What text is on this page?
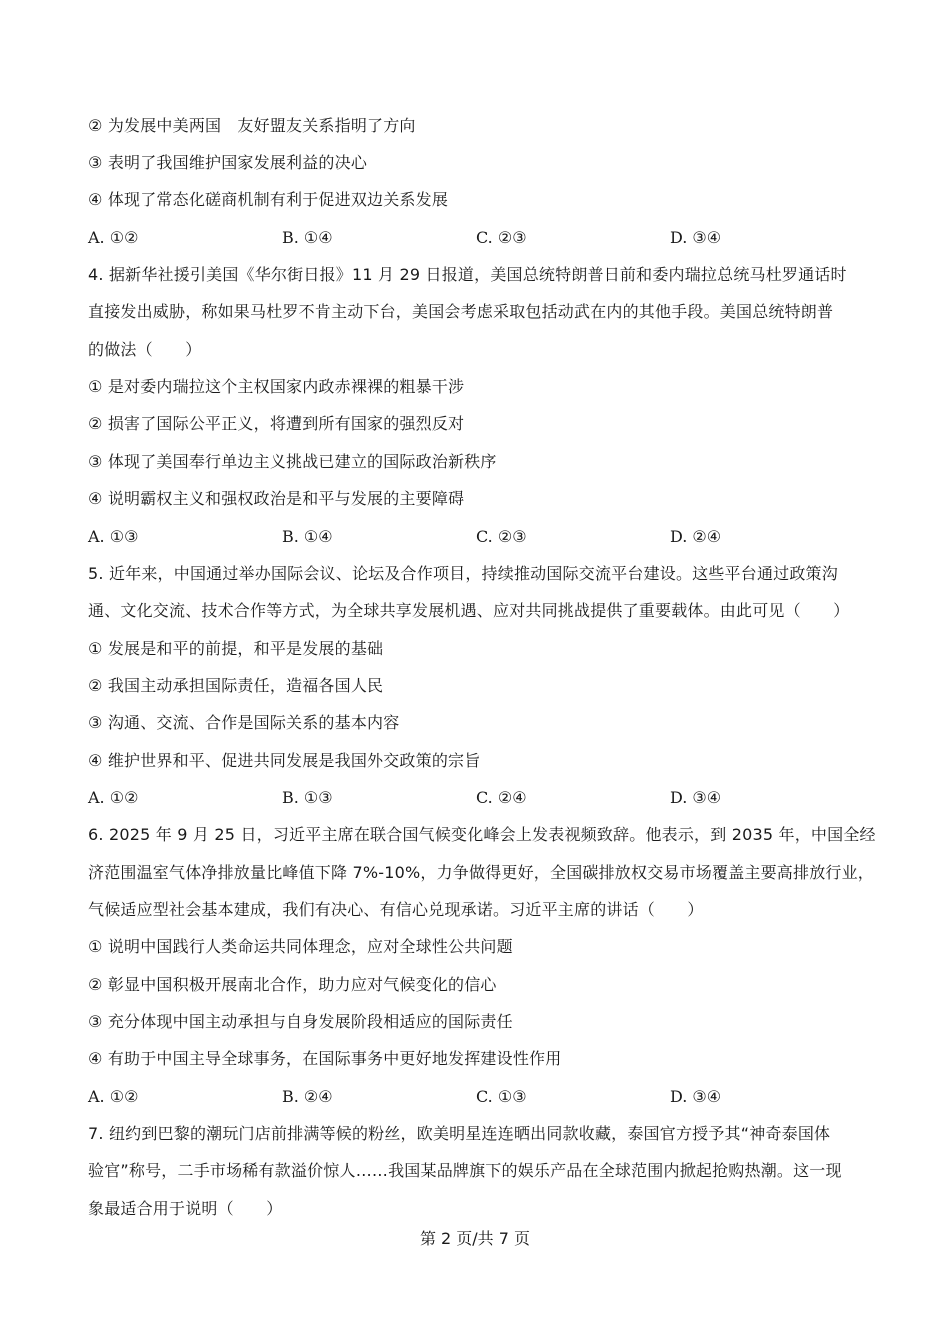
② 为发展中美两国　友好盟友关系指明了方向
③ 表明了我国维护国家发展利益的决心
④ 体现了常态化磋商机制有利于促进双边关系发展
A. ①②	B. ①④	C. ②③	D. ③④
4. 据新华社援引美国《华尔街日报》11 月 29 日报道，美国总统特朗普日前和委内瑞拉总统马杜罗通话时
直接发出威胁，称如果马杜罗不肯主动下台，美国会考虑采取包括动武在内的其他手段。美国总统特朗普
的做法（　　）
① 是对委内瑞拉这个主权国家内政赤裸裸的粗暴干涉
② 损害了国际公平正义，将遭到所有国家的强烈反对
③ 体现了美国奉行单边主义挑战已建立的国际政治新秩序
④ 说明霸权主义和强权政治是和平与发展的主要障碍
A. ①③	B. ①④	C. ②③	D. ②④
5. 近年来，中国通过举办国际会议、论坛及合作项目，持续推动国际交流平台建设。这些平台通过政策沟
通、文化交流、技术合作等方式，为全球共享发展机遇、应对共同挑战提供了重要载体。由此可见（　　）
① 发展是和平的前提，和平是发展的基础
② 我国主动承担国际责任，造福各国人民
③ 沟通、交流、合作是国际关系的基本内容
④ 维护世界和平、促进共同发展是我国外交政策的宗旨
A. ①②	B. ①③	C. ②④	D. ③④
6. 2025 年 9 月 25 日，习近平主席在联合国气候变化峰会上发表视频致辞。他表示，到 2035 年，中国全经
济范围温室气体净排放量比峰值下降 7%-10%，力争做得更好，全国碳排放权交易市场覆盖主要高排放行业，
气候适应型社会基本建成，我们有决心、有信心兑现承诺。习近平主席的讲话（　　）
① 说明中国践行人类命运共同体理念，应对全球性公共问题
② 彰显中国积极开展南北合作，助力应对气候变化的信心
③ 充分体现中国主动承担与自身发展阶段相适应的国际责任
④ 有助于中国主导全球事务，在国际事务中更好地发挥建设性作用
A. ①②	B. ②④	C. ①③	D. ③④
7. 纽约到巴黎的潮玩门店前排满等候的粉丝，欧美明星连连晒出同款收藏，泰国官方授予其“神奇泰国体
验官”称号，二手市场稀有款溢价惊人……我国某品牌旗下的娱乐产品在全球范围内掀起抢购热潮。这一现
象最适合用于说明（　　）
第 2 页/共 7 页
